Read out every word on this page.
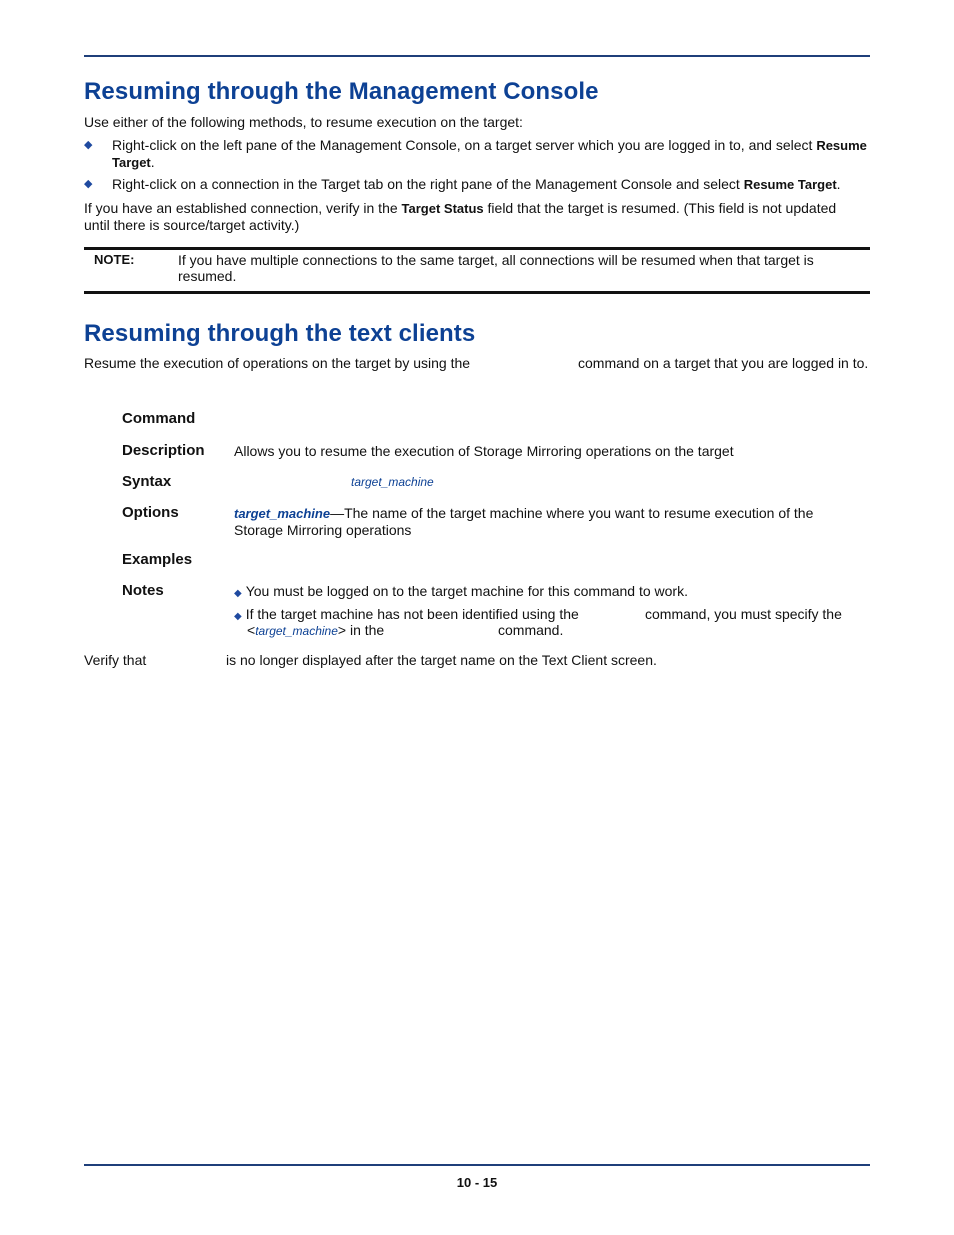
Resuming through the Management Console

Use either of the following methods, to resume execution on the target:

◆ Right-click on the left pane of the Management Console, on a target server which you are logged in to, and select Resume
Target.
◆ Right-click on a connection in the Target tab on the right pane of the Management Console and select Resume Target.
If you have an established connection, verify in the Target Status field that the target is resumed. (This field is not updated
until there is source/target activity.)
NOTE:	If you have multiple connections to the same target, all connections will be resumed when that target is
resumed.
Resuming through the text clients

Resume the execution of operations on the target by using the	command on a target that you are logged in to.

Command
Description Allows you to resume the execution of Storage Mirroring operations on the target

Syntax	target_machine

Options	target_machine—The name of the target machine where you want to resume execution of the
Storage Mirroring operations
Examples
Notes	◆ You must be logged on to the target machine for this command to work.
◆ If the target machine has not been identified using the	command, you must specify the

<target_machine> in the	command.

Verify that	is no longer displayed after the target name on the Text Client screen.

10 - 15
